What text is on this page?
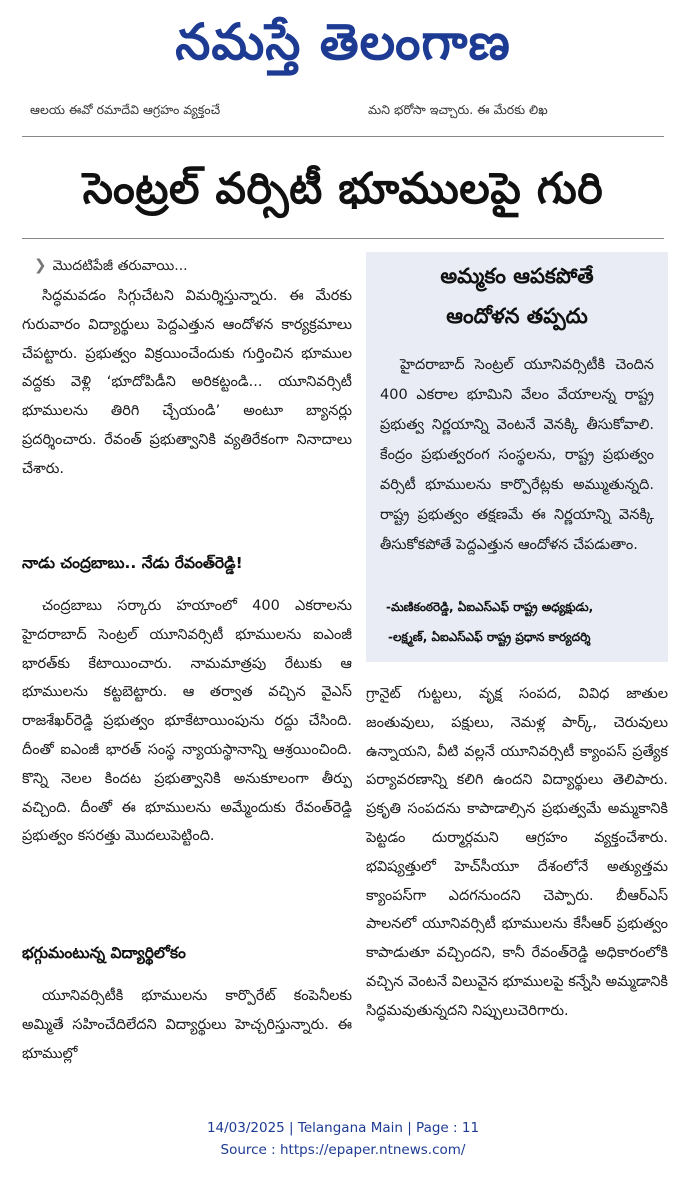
నమస్తే తెలంగాణ
ఆలయ ఈవో రమాదేవి ఆగ్రహం వ్యక్తంచే	మని భరోసా ఇచ్చారు. ఈ మేరకు లిఖ
సెంట్రల్ వర్సిటీ భూములపై గురి
❯ మొదటిపేజీ తరువాయి...

సిద్ధమవడం సిగ్గుచేటని విమర్శిస్తున్నారు. ఈ మేరకు గురువారం విద్యార్థులు పెద్దఎత్తున ఆందోళన కార్యక్రమాలు చేపట్టారు. ప్రభుత్వం విక్రయించేందుకు గుర్తించిన భూముల వద్దకు వెళ్లి ‘భూదోపిడీని అరికట్టండి... యూనివర్సిటీ భూములను తిరిగి చ్చేయండి’ అంటూ బ్యానర్లు ప్రదర్శించారు. రేవంత్ ప్రభుత్వానికి వ్యతిరేకంగా నినాదాలు చేశారు.

నాడు చంద్రబాబు.. నేడు రేవంత్‌రెడ్డి!

చంద్రబాబు సర్కారు హయాంలో 400 ఎకరాలను హైదరాబాద్ సెంట్రల్ యూనివర్సిటీ భూములను ఐఎంజీ భారత్‌కు కేటాయించారు. నామమాత్రపు రేటుకు ఆ భూములను కట్టబెట్టారు. ఆ తర్వాత వచ్చిన వైఎస్ రాజశేఖర్‌రెడ్డి ప్రభుత్వం భూకేటాయింపును రద్దు చేసింది. దీంతో ఐఎంజీ భారత్ సంస్థ న్యాయస్థానాన్ని ఆశ్రయించింది. కొన్ని నెలల కిందట ప్రభుత్వానికి అనుకూలంగా తీర్పు వచ్చింది. దీంతో ఈ భూములను అమ్మేందుకు రేవంత్‌రెడ్డి ప్రభుత్వం కసరత్తు మొదలుపెట్టింది.

భగ్గుమంటున్న విద్యార్థిలోకం

యూనివర్సిటీకి భూములను కార్పొరేట్ కంపెనీలకు అమ్మితే సహించేదిలేదని విద్యార్థులు హెచ్చరిస్తున్నారు. ఈ భూముల్లో

అమ్మకం ఆపకపోతే
ఆందోళన తప్పదు

హైదరాబాద్ సెంట్రల్ యూనివర్సిటీకి చెందిన 400 ఎకరాల భూమిని వేలం వేయాలన్న రాష్ట్ర ప్రభుత్వ నిర్ణయాన్ని వెంటనే వెనక్కి తీసుకోవాలి. కేంద్రం ప్రభుత్వరంగ సంస్థలను, రాష్ట్ర ప్రభుత్వం వర్సిటీ భూములను కార్పొరేట్లకు అమ్ముతున్నది. రాష్ట్ర ప్రభుత్వం తక్షణమే ఈ నిర్ణయాన్ని వెనక్కి తీసుకోకపోతే పెద్దఎత్తున ఆందోళన చేపడుతాం.

-మణికంఠరెడ్డి, ఏఐఎస్‌ఎఫ్ రాష్ట్ర అధ్యక్షుడు,
-లక్ష్మణ్, ఏఐఎస్‌ఎఫ్ రాష్ట్ర ప్రధాన కార్యదర్శి

గ్రానైట్ గుట్టలు, వృక్ష సంపద, వివిధ జాతుల జంతువులు, పక్షులు, నెమళ్ల పార్క్, చెరువులు ఉన్నాయని, వీటి వల్లనే యూనివర్సిటీ క్యాంపస్ ప్రత్యేక పర్యావరణాన్ని కలిగి ఉందని విద్యార్థులు తెలిపారు. ప్రకృతి సంపదను కాపాడాల్సిన ప్రభుత్వమే అమ్మకానికి పెట్టడం దుర్మార్గమని ఆగ్రహం వ్యక్తంచేశారు. భవిష్యత్తులో హెచ్‌సీయూ దేశంలోనే అత్యుత్తమ క్యాంపస్‌గా ఎదగనుందని చెప్పారు. బీఆర్‌ఎస్ పాలనలో యూనివర్సిటీ భూములను కేసీఆర్ ప్రభుత్వం కాపాడుతూ వచ్చిందని, కానీ రేవంత్‌రెడ్డి అధికారంలోకి వచ్చిన వెంటనే విలువైన భూములపై కన్నేసి అమ్మడానికి సిద్ధమవుతున్నదని నిప్పులుచెరిగారు.

14/03/2025 | Telangana Main | Page : 11
Source : https://epaper.ntnews.com/
